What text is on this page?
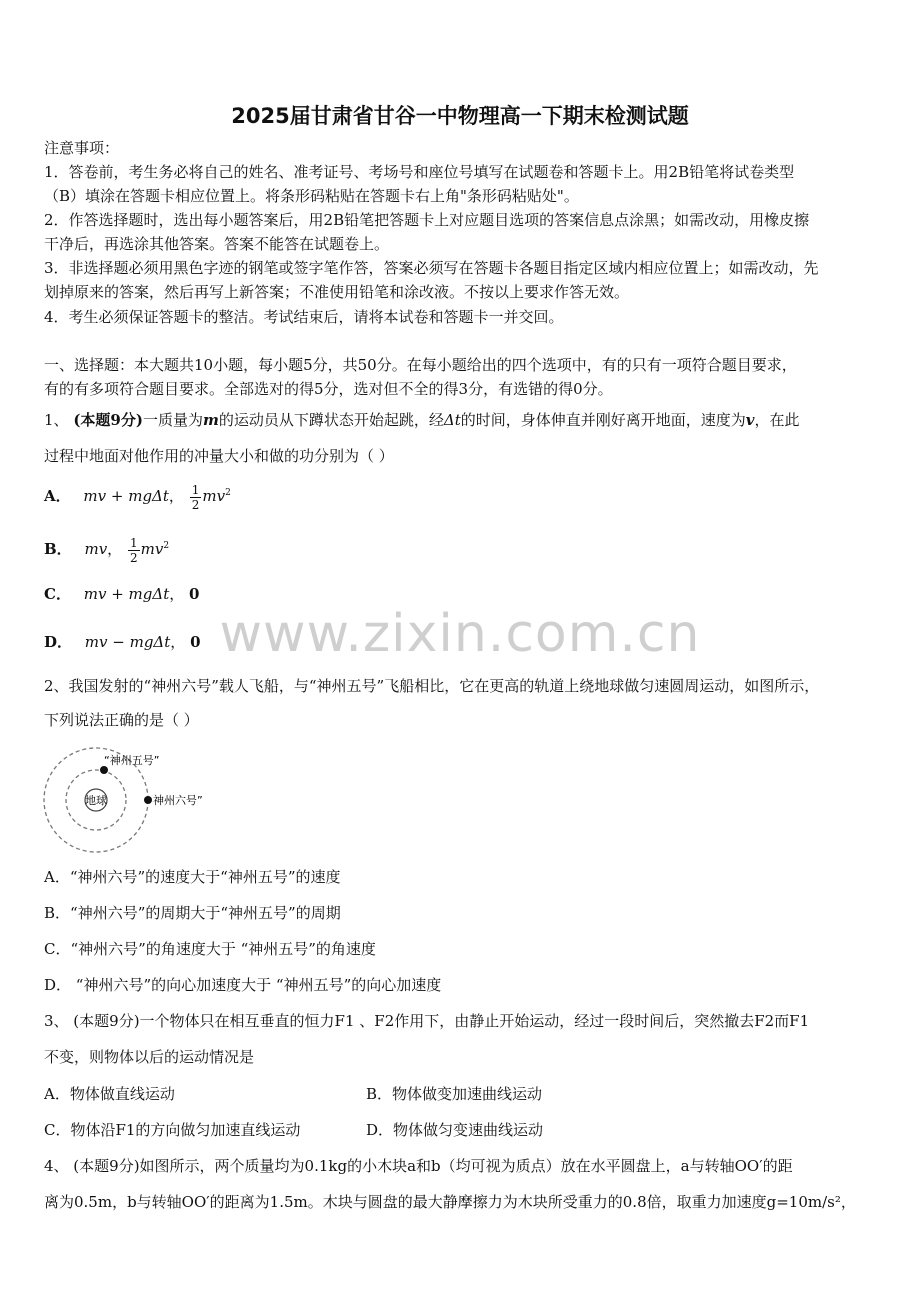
2025届甘肃省甘谷一中物理高一下期末检测试题
注意事项：
1．答卷前，考生务必将自己的姓名、准考证号、考场号和座位号填写在试题卷和答题卡上。用2B铅笔将试卷类型
（B）填涂在答题卡相应位置上。将条形码粘贴在答题卡右上角"条形码粘贴处"。
2．作答选择题时，选出每小题答案后，用2B铅笔把答题卡上对应题目选项的答案信息点涂黑；如需改动，用橡皮擦
干净后，再选涂其他答案。答案不能答在试题卷上。
3．非选择题必须用黑色字迹的钢笔或签字笔作答，答案必须写在答题卡各题目指定区域内相应位置上；如需改动，先
划掉原来的答案，然后再写上新答案；不准使用铅笔和涂改液。不按以上要求作答无效。
4．考生必须保证答题卡的整洁。考试结束后，请将本试卷和答题卡一并交回。
一、选择题：本大题共10小题，每小题5分，共50分。在每小题给出的四个选项中，有的只有一项符合题目要求，
有的有多项符合题目要求。全部选对的得5分，选对但不全的得3分，有选错的得0分。
1、 (本题9分)一质量为m的运动员从下蹲状态开始起跳，经Δt的时间，身体伸直并刚好离开地面，速度为v，在此
过程中地面对他作用的冲量大小和做的功分别为（ ）
A． mv + mgΔt， $\frac{1}{2} mv^2$
B． mv， $\frac{1}{2} mv^2$
C． mv + mgΔt， 0
D． mv − mgΔt， 0 www.zixin.com.cn
2、我国发射的“神州六号”载人飞船，与“神州五号”飞船相比，它在更高的轨道上绕地球做匀速圆周运动，如图所示，
下列说法正确的是（ ）
地球
“神州五号”
神州六号”
A．“神州六号”的速度大于“神州五号”的速度
B．“神州六号”的周期大于“神州五号”的周期
C．“神州六号”的角速度大于 “神州五号”的角速度
D． “神州六号”的向心加速度大于 “神州五号”的向心加速度
3、 (本题9分)一个物体只在相互垂直的恒力F1 、F2作用下，由静止开始运动，经过一段时间后，突然撤去F2而F1
不变，则物体以后的运动情况是
A．物体做直线运动	B．物体做变加速曲线运动
C．物体沿F1的方向做匀加速直线运动	D．物体做匀变速曲线运动
4、 (本题9分)如图所示，两个质量均为0.1kg的小木块a和b（均可视为质点）放在水平圆盘上，a与转轴OO′的距
离为0.5m，b与转轴OO′的距离为1.5m。木块与圆盘的最大静摩擦力为木块所受重力的0.8倍，取重力加速度g=10m/s²，
